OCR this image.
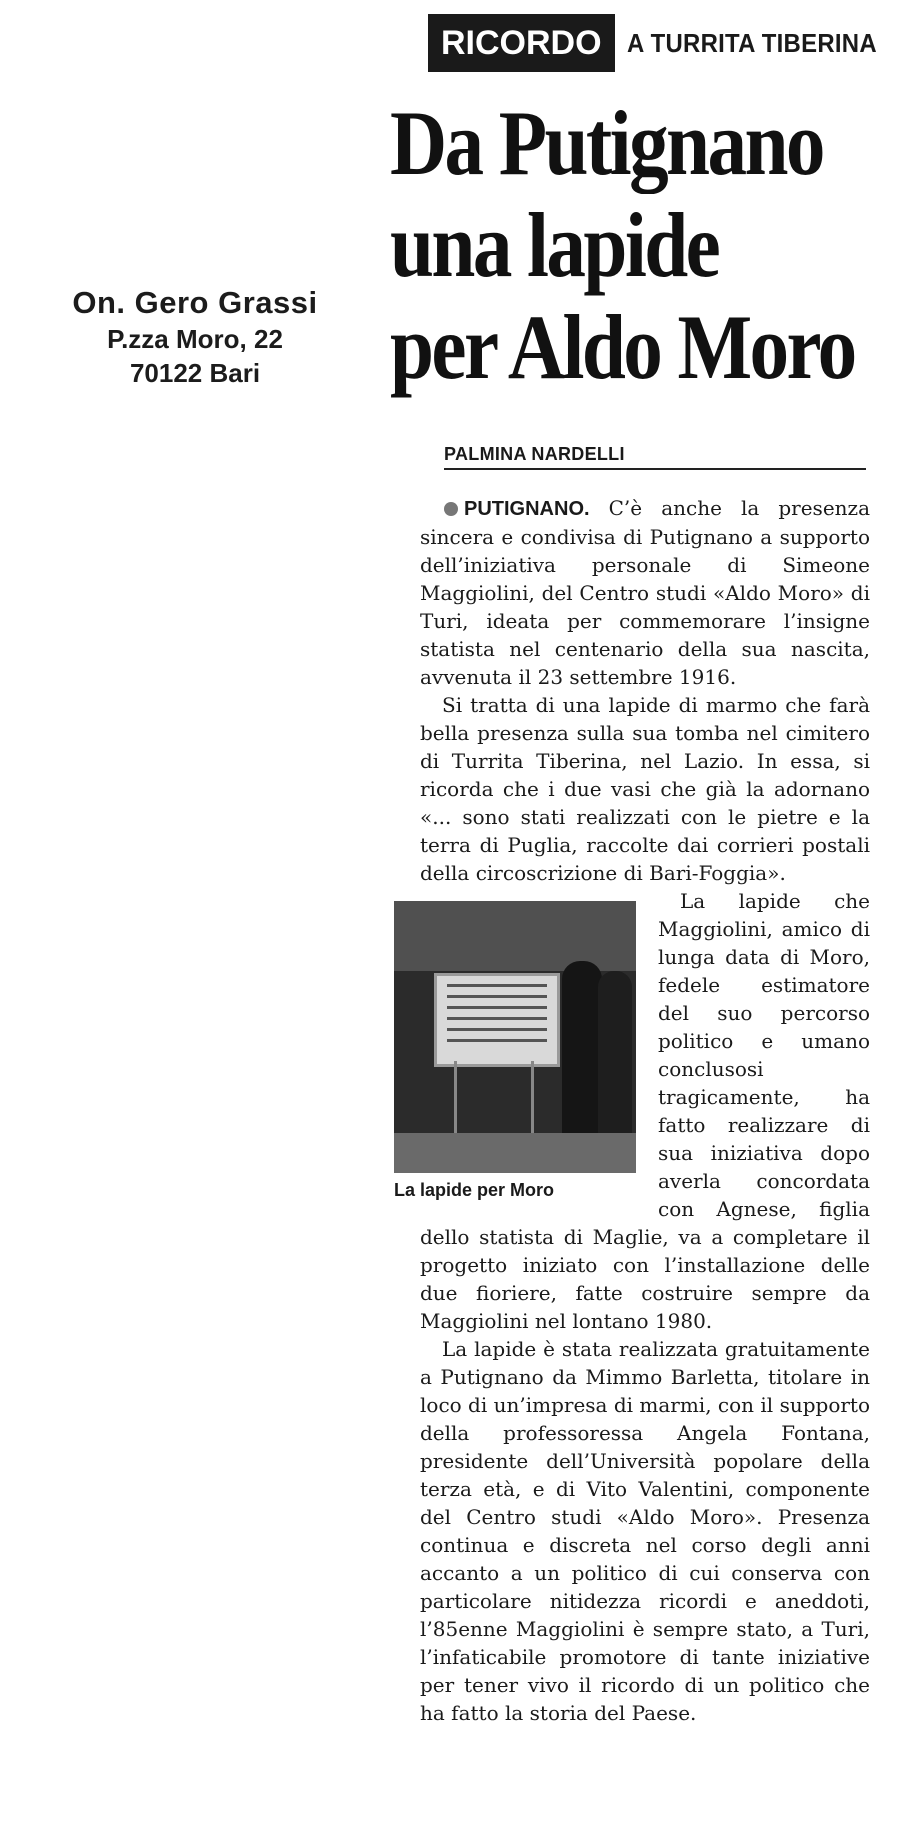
On. Gero Grassi
P.zza Moro, 22
70122 Bari
RICORDO A TURRITA TIBERINA
Da Putignano
una lapide
per Aldo Moro
PALMINA NARDELLI

PUTIGNANO. C’è anche la presenza sincera e condivisa di Putignano a supporto dell’iniziativa personale di Simeone Maggiolini, del Centro studi «Aldo Moro» di Turi, ideata per commemorare l’insigne statista nel centenario della sua nascita, avvenuta il 23 settembre 1916.

Si tratta di una lapide di marmo che farà bella presenza sulla sua tomba nel cimitero di Turrita Tiberina, nel Lazio. In essa, si ricorda che i due vasi che già la adornano «... sono stati realizzati con le pietre e la terra di Puglia, raccolte dai corrieri postali della circoscrizione di Bari-Foggia».

La lapide per Moro

La lapide che Maggiolini, amico di lunga data di Moro, fedele estimatore del suo percorso politico e umano conclusosi tragicamente, ha fatto realizzare di sua iniziativa dopo averla concordata con Agnese, figlia dello statista di Maglie, va a completare il progetto iniziato con l’installazione delle due fioriere, fatte costruire sempre da Maggiolini nel lontano 1980.

La lapide è stata realizzata gratuitamente a Putignano da Mimmo Barletta, titolare in loco di un’impresa di marmi, con il supporto della professoressa Angela Fontana, presidente dell’Università popolare della terza età, e di Vito Valentini, componente del Centro studi «Aldo Moro». Presenza continua e discreta nel corso degli anni accanto a un politico di cui conserva con particolare nitidezza ricordi e aneddoti, l’85enne Maggiolini è sempre stato, a Turi, l’infaticabile promotore di tante iniziative per tener vivo il ricordo di un politico che ha fatto la storia del Paese.
